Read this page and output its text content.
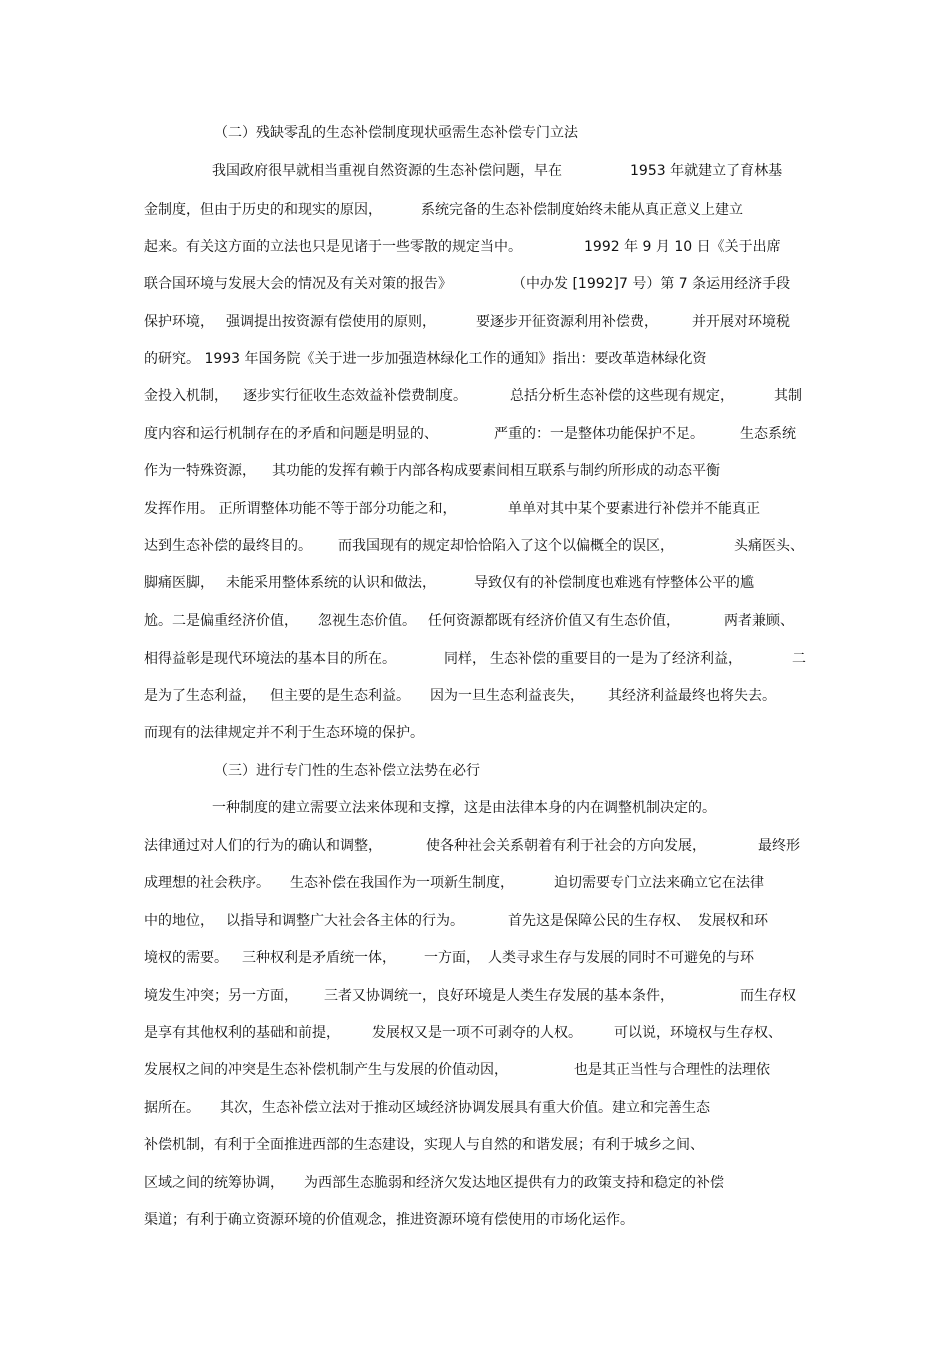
（二）残缺零乱的生态补偿制度现状亟需生态补偿专门立法
我国政府很早就相当重视自然资源的生态补偿问题，早在	1953 年就建立了育林基
金制度，但由于历史的和现实的原因，	系统完备的生态补偿制度始终未能从真正意义上建立
起来。有关这方面的立法也只是见诸于一些零散的规定当中。	1992 年 9 月 10 日《关于出席
联合国环境与发展大会的情况及有关对策的报告》	（中办发 [1992]7 号）第 7 条运用经济手段
保护环境， 强调提出按资源有偿使用的原则，	要逐步开征资源利用补偿费， 并开展对环境税
的研究。 1993 年国务院《关于进一步加强造林绿化工作的通知》指出：要改革造林绿化资
金投入机制， 逐步实行征收生态效益补偿费制度。	总括分析生态补偿的这些现有规定，	其制
度内容和运行机制存在的矛盾和问题是明显的、	严重的：一是整体功能保护不足。	生态系统
作为一特殊资源， 其功能的发挥有赖于内部各构成要素间相互联系与制约所形成的动态平衡
发挥作用。 正所谓整体功能不等于部分功能之和，	单单对其中某个要素进行补偿并不能真正
达到生态补偿的最终目的。 而我国现有的规定却恰恰陷入了这个以偏概全的误区，	头痛医头、
脚痛医脚， 未能采用整体系统的认识和做法，	导致仅有的补偿制度也难逃有悖整体公平的尴
尬。二是偏重经济价值， 忽视生态价值。 任何资源都既有经济价值又有生态价值，	两者兼顾、
相得益彰是现代环境法的基本目的所在。	同样， 生态补偿的重要目的一是为了经济利益，	二
是为了生态利益， 但主要的是生态利益。 因为一旦生态利益丧失， 其经济利益最终也将失去。
而现有的法律规定并不利于生态环境的保护。
（三）进行专门性的生态补偿立法势在必行
一种制度的建立需要立法来体现和支撑，这是由法律本身的内在调整机制决定的。
法律通过对人们的行为的确认和调整，	使各种社会关系朝着有利于社会的方向发展，	最终形
成理想的社会秩序。 生态补偿在我国作为一项新生制度，	迫切需要专门立法来确立它在法律
中的地位， 以指导和调整广大社会各主体的行为。	首先这是保障公民的生存权、 发展权和环
境权的需要。 三种权利是矛盾统一体， 一方面， 人类寻求生存与发展的同时不可避免的与环
境发生冲突；另一方面， 三者又协调统一，良好环境是人类生存发展的基本条件，	而生存权
是享有其他权利的基础和前提， 发展权又是一项不可剥夺的人权。 可以说，环境权与生存权、
发展权之间的冲突是生态补偿机制产生与发展的价值动因，	也是其正当性与合理性的法理依
据所在。 其次，生态补偿立法对于推动区域经济协调发展具有重大价值。建立和完善生态
补偿机制，有利于全面推进西部的生态建设，实现人与自然的和谐发展；有利于城乡之间、
区域之间的统筹协调， 为西部生态脆弱和经济欠发达地区提供有力的政策支持和稳定的补偿
渠道；有利于确立资源环境的价值观念，推进资源环境有偿使用的市场化运作。
